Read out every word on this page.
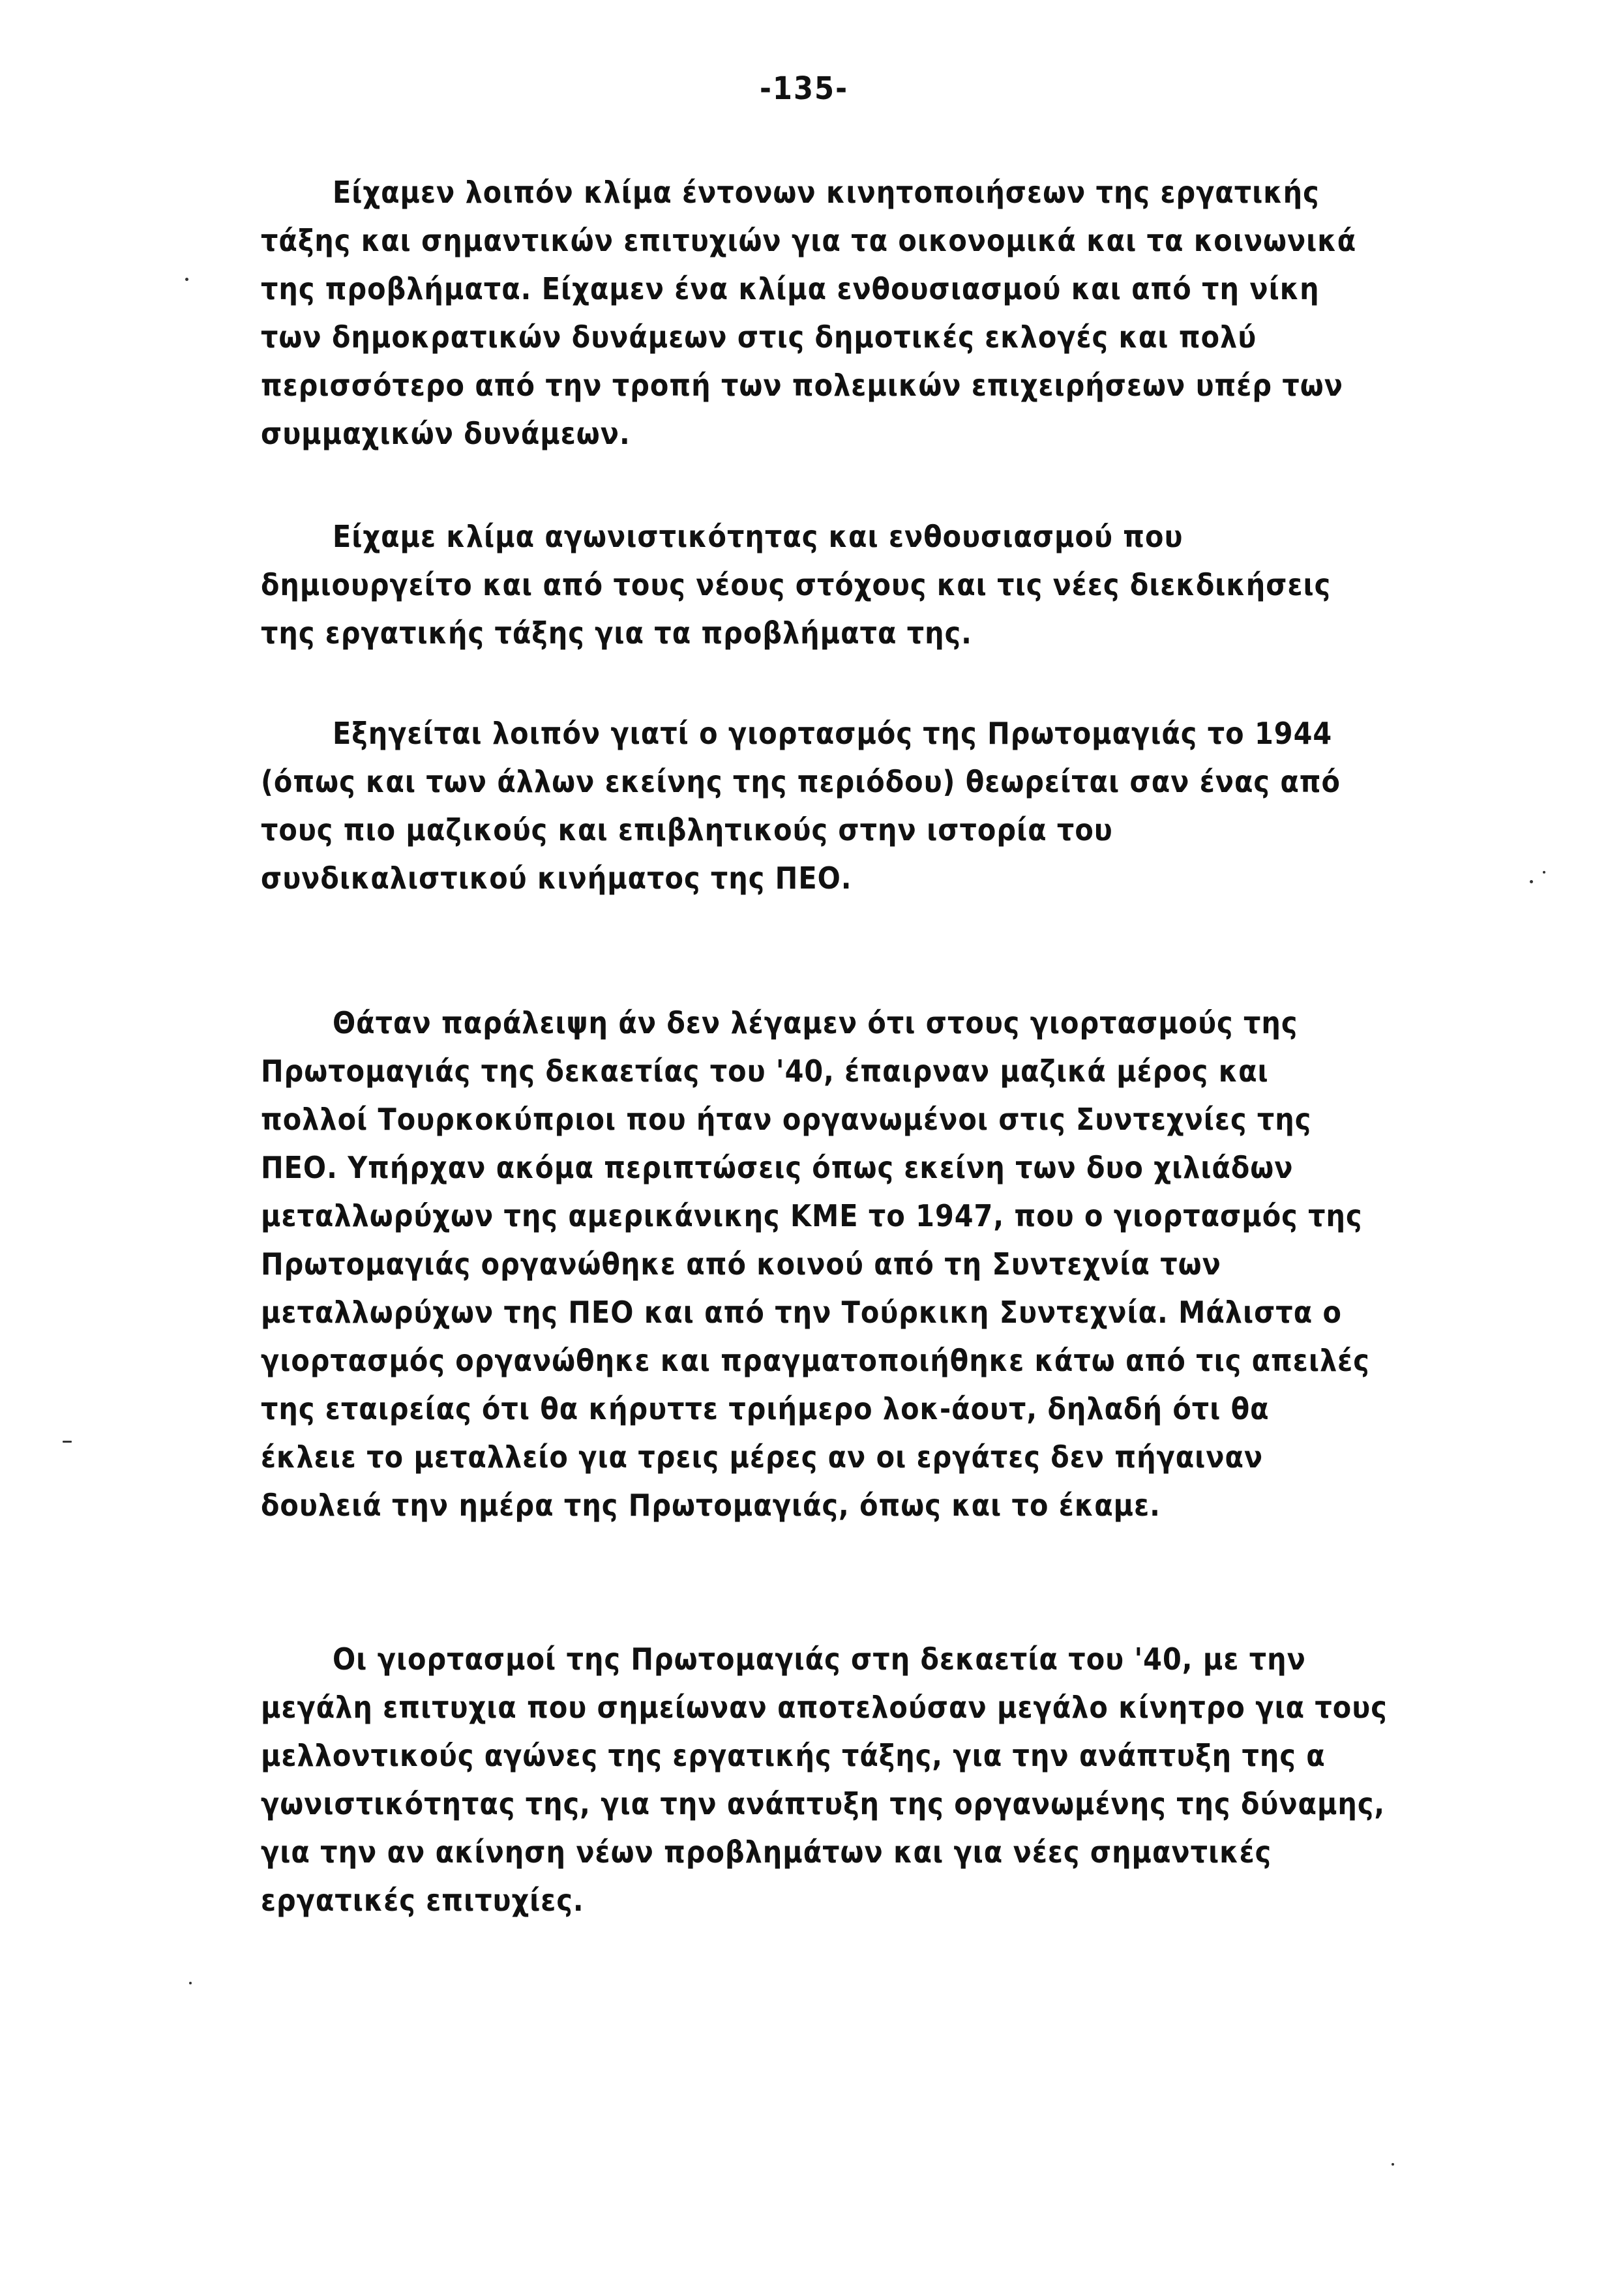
-135-
Είχαμεν λοιπόν κλίμα έντονων κινητοποιήσεων της εργατικής
τάξης και σημαντικών επιτυχιών για τα οικονομικά και τα κοινωνικά
της προβλήματα. Είχαμεν ένα κλίμα ενθουσιασμού και από τη νίκη
των δημοκρατικών δυνάμεων στις δημοτικές εκλογές και πολύ
περισσότερο από την τροπή των πολεμικών επιχειρήσεων υπέρ των
συμμαχικών δυνάμεων.
Είχαμε κλίμα αγωνιστικότητας και ενθουσιασμού που
δημιουργείτο και από τους νέους στόχους και τις νέες διεκδικήσεις
της εργατικής τάξης για τα προβλήματα της.
Εξηγείται λοιπόν γιατί ο γιορτασμός της Πρωτομαγιάς το 1944
(όπως και των άλλων εκείνης της περιόδου) θεωρείται σαν ένας από
τους πιο μαζικούς και επιβλητικούς στην ιστορία του
συνδικαλιστικού κινήματος της ΠΕΟ.
Θάταν παράλειψη άν δεν λέγαμεν ότι στους γιορτασμούς της
Πρωτομαγιάς της δεκαετίας του '40, έπαιρναν μαζικά μέρος και
πολλοί Τουρκοκύπριοι που ήταν οργανωμένοι στις Συντεχνίες της
ΠΕΟ. Υπήρχαν ακόμα περιπτώσεις όπως εκείνη των δυο χιλιάδων
μεταλλωρύχων της αμερικάνικης ΚΜΕ το 1947, που ο γιορτασμός της
Πρωτομαγιάς οργανώθηκε από κοινού από τη Συντεχνία των
μεταλλωρύχων της ΠΕΟ και από την Τούρκικη Συντεχνία. Μάλιστα ο
γιορτασμός οργανώθηκε και πραγματοποιήθηκε κάτω από τις απειλές
της εταιρείας ότι θα κήρυττε τριήμερο λοκ-άουτ, δηλαδή ότι θα
έκλειε το μεταλλείο για τρεις μέρες αν οι εργάτες δεν πήγαιναν
δουλειά την ημέρα της Πρωτομαγιάς, όπως και το έκαμε.
Οι γιορτασμοί της Πρωτομαγιάς στη δεκαετία του '40, με την
μεγάλη επιτυχια που σημείωναν αποτελούσαν μεγάλο κίνητρο για τους
μελλοντικούς αγώνες της εργατικής τάξης, για την ανάπτυξη της α
γωνιστικότητας της, για την ανάπτυξη της οργανωμένης της δύναμης,
για την αν ακίνηση νέων προβλημάτων και για νέες σημαντικές
εργατικές επιτυχίες.
